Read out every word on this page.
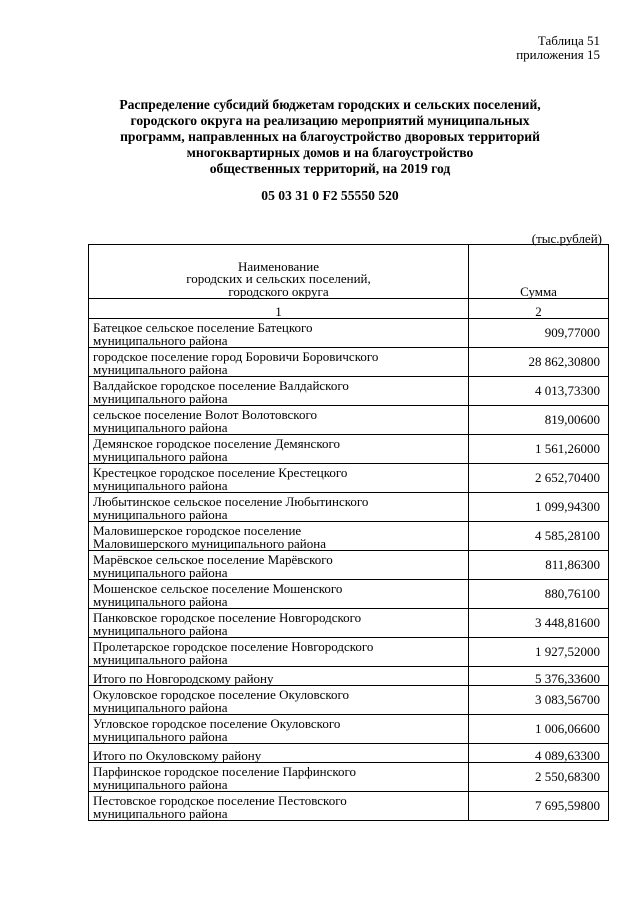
Таблица 51
приложения 15
Распределение субсидий бюджетам городских и сельских поселений,
городского округа на реализацию мероприятий муниципальных
программ, направленных на благоустройство дворовых территорий
многоквартирных домов и на благоустройство
общественных территорий, на 2019 год
05 03 31 0 F2 55550 520
(тыс.рублей)
Наименование
городских и сельских поселений,
городского округа	Сумма
1	2

Батецкое сельское поселение Батецкого
муниципального района	909,77000

городское поселение город Боровичи Боровичского
муниципального района	28 862,30800

Валдайское городское поселение Валдайского
муниципального района	4 013,73300

сельское поселение Волот Волотовского
муниципального района	819,00600

Демянское городское поселение Демянского
муниципального района	1 561,26000

Крестецкое городское поселение Крестецкого
муниципального района	2 652,70400

Любытинское сельское поселение Любытинского
муниципального района	1 099,94300

Маловишерское городское поселение
Маловишерского муниципального района	4 585,28100

Марёвское сельское поселение Марёвского
муниципального района	811,86300

Мошенское сельское поселение Мошенского
муниципального района	880,76100

Панковское городское поселение Новгородского
муниципального района	3 448,81600

Пролетарское городское поселение Новгородского
муниципального района	1 927,52000
Итого по Новгородскому району	5 376,33600

Окуловское городское поселение Окуловского
муниципального района	3 083,56700

Угловское городское поселение Окуловского
муниципального района	1 006,06600
Итого по Окуловскому району	4 089,63300

Парфинское городское поселение Парфинского
муниципального района	2 550,68300

Пестовское городское поселение Пестовского
муниципального района	7 695,59800
